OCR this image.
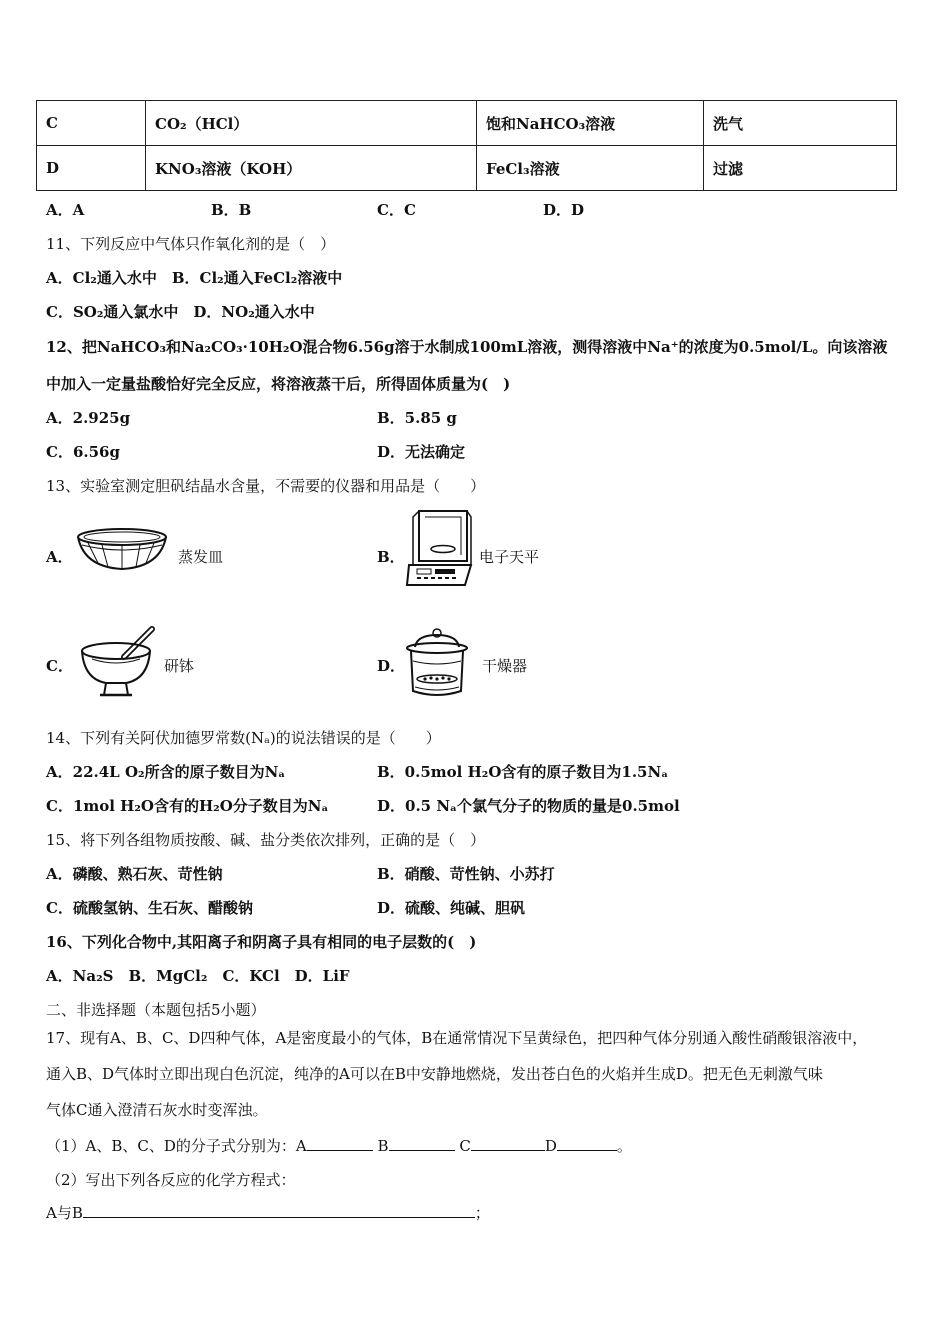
C	CO₂（HCl）	饱和NaHCO₃溶液	洗气
D	KNO₃溶液（KOH）	FeCl₃溶液	过滤
A．A	B．B	C．C	D．D
11、下列反应中气体只作氧化剂的是（　）
A．Cl₂通入水中　B．Cl₂通入FeCl₂溶液中
C．SO₂通入氯水中　D．NO₂通入水中
12、把NaHCO₃和Na₂CO₃·10H₂O混合物6.56g溶于水制成100mL溶液，测得溶液中Na⁺的浓度为0.5mol/L。向该溶液
中加入一定量盐酸恰好完全反应，将溶液蒸干后，所得固体质量为(　)
A．2.925g	B．5.85 g
C．6.56g	D．无法确定
13、实验室测定胆矾结晶水含量，不需要的仪器和用品是（　　）
A．	蒸发皿	B．	电子天平
C．	研钵	D．	干燥器
14、下列有关阿伏加德罗常数(Nₐ)的说法错误的是（　　）
A．22.4L O₂所含的原子数目为Nₐ	B．0.5mol H₂O含有的原子数目为1.5Nₐ
C．1mol H₂O含有的H₂O分子数目为Nₐ	D．0.5 Nₐ个氯气分子的物质的量是0.5mol
15、将下列各组物质按酸、碱、盐分类依次排列，正确的是（　）
A．磷酸、熟石灰、苛性钠	B．硝酸、苛性钠、小苏打
C．硫酸氢钠、生石灰、醋酸钠	D．硫酸、纯碱、胆矾
16、下列化合物中,其阳离子和阴离子具有相同的电子层数的(　)
A．Na₂S　B．MgCl₂　C．KCl　D．LiF
二、非选择题（本题包括5小题）
17、现有A、B、C、D四种气体，A是密度最小的气体，B在通常情况下呈黄绿色，把四种气体分别通入酸性硝酸银溶液中，
通入B、D气体时立即出现白色沉淀，纯净的A可以在B中安静地燃烧，发出苍白色的火焰并生成D。把无色无刺激气味
气体C通入澄清石灰水时变浑浊。
（1）A、B、C、D的分子式分别为：A	B	C	D	。
（2）写出下列各反应的化学方程式：
A与B	；
